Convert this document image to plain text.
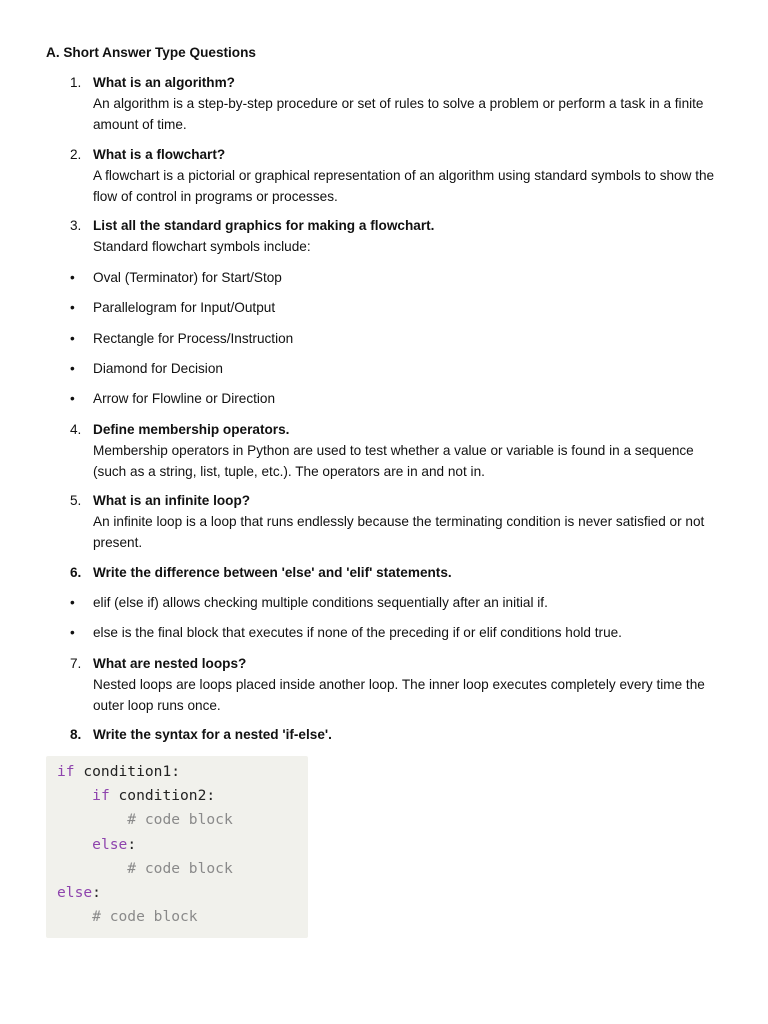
A. Short Answer Type Questions
1. What is an algorithm?
An algorithm is a step-by-step procedure or set of rules to solve a problem or perform a task in a finite amount of time.
2. What is a flowchart?
A flowchart is a pictorial or graphical representation of an algorithm using standard symbols to show the flow of control in programs or processes.
3. List all the standard graphics for making a flowchart.
Standard flowchart symbols include:
• Oval (Terminator) for Start/Stop
• Parallelogram for Input/Output
• Rectangle for Process/Instruction
• Diamond for Decision
• Arrow for Flowline or Direction
4. Define membership operators.
Membership operators in Python are used to test whether a value or variable is found in a sequence (such as a string, list, tuple, etc.). The operators are in and not in.
5. What is an infinite loop?
An infinite loop is a loop that runs endlessly because the terminating condition is never satisfied or not present.
6. Write the difference between 'else' and 'elif' statements.
• elif (else if) allows checking multiple conditions sequentially after an initial if.
• else is the final block that executes if none of the preceding if or elif conditions hold true.
7. What are nested loops?
Nested loops are loops placed inside another loop. The inner loop executes completely every time the outer loop runs once.
8. Write the syntax for a nested 'if-else'.
if condition1:
if condition2:
# code block
else:
# code block
else:
# code block
